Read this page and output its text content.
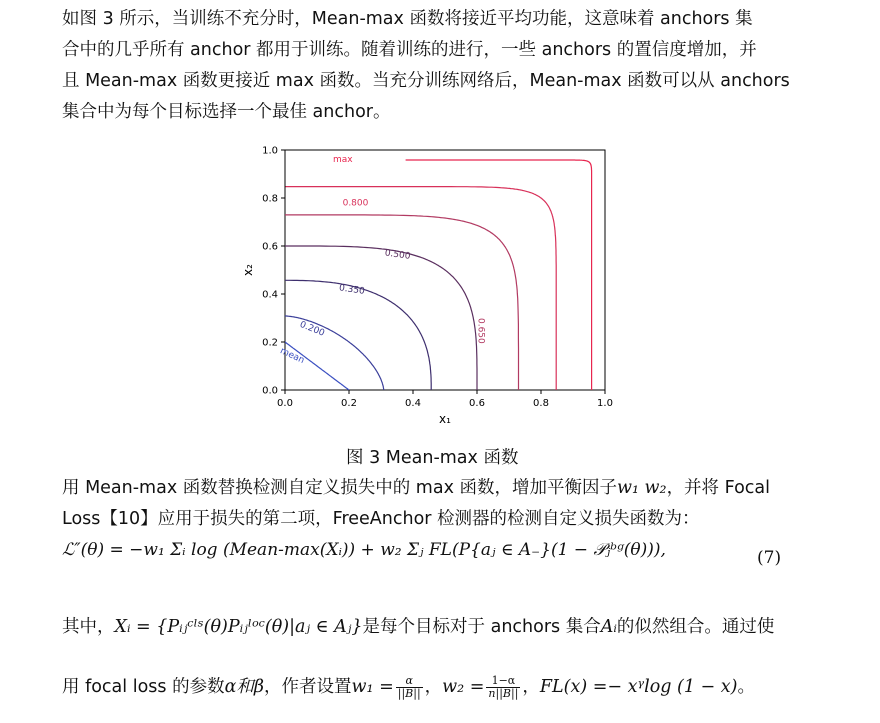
如图 3 所示，当训练不充分时，Mean-max 函数将接近平均功能，这意味着 anchors 集
合中的几乎所有 anchor 都用于训练。随着训练的进行，一些 anchors 的置信度增加，并
且 Mean-max 函数更接近 max 函数。当充分训练网络后，Mean-max 函数可以从 anchors
集合中为每个目标选择一个最佳 anchor。
mean
0.200
0.350
0.500
0.650
0.800
max
0.0	0.2	0.4	0.6	0.8	1.0
0.0
0.2
0.4
0.6
0.8
1.0
x₁
x₂
图 3 Mean-max 函数
用 Mean-max 函数替换检测自定义损失中的 max 函数，增加平衡因子w₁ w₂，并将 Focal
Loss【10】应用于损失的第二项，FreeAnchor 检测器的检测自定义损失函数为：
ℒ″(θ) = −w₁ Σᵢ log (Mean-max(Xᵢ)) + w₂ Σⱼ FL(P{aⱼ ∈ A₋}(1 − 𝒫ⱼᵇᵍ(θ))),	(7)
其中，Xᵢ = {Pᵢⱼᶜˡˢ(θ)Pᵢⱼˡᵒᶜ(θ)|aⱼ ∈ Aⱼ}是每个目标对于 anchors 集合Aᵢ的似然组合。通过使
用 focal loss 的参数α和β，作者设置$w_1 = \frac{\alpha}{||B||}$ ，$w_2 = \frac{1-\alpha}{n||B||}$ ，FL(x) =− xᵞlog (1 − x)。
